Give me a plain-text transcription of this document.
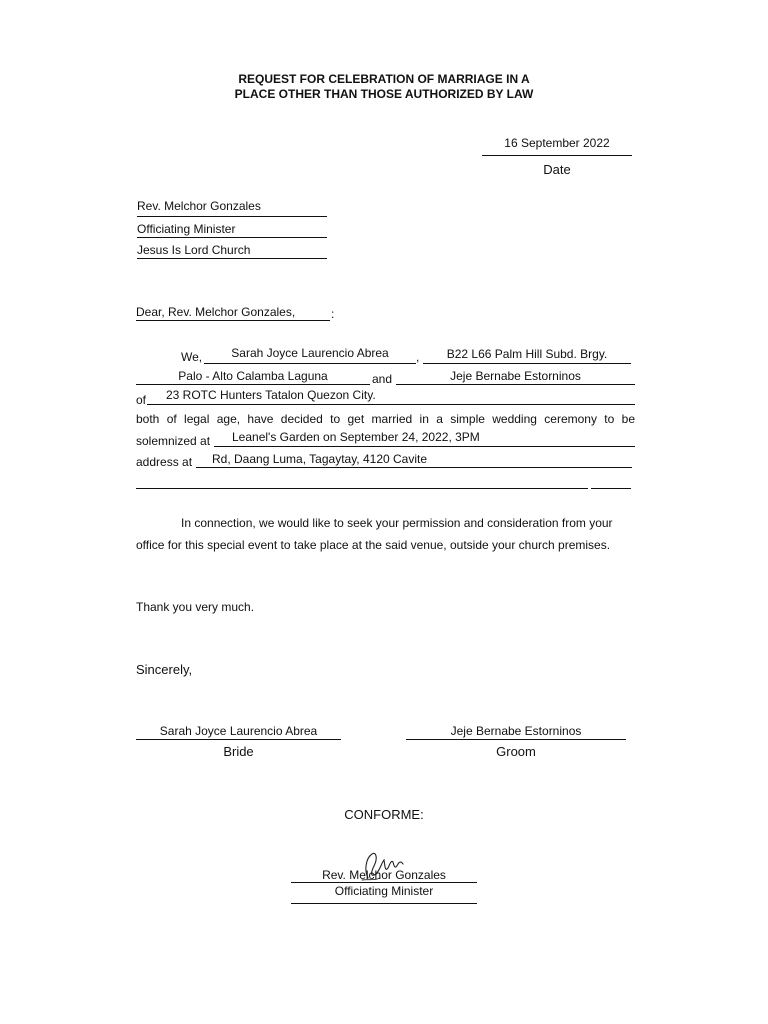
REQUEST FOR CELEBRATION OF MARRIAGE IN A
PLACE OTHER THAN THOSE AUTHORIZED BY LAW
16 September 2022
Date
Rev. Melchor Gonzales
Officiating Minister
Jesus Is Lord Church
Dear, Rev. Melchor Gonzales,	:
We,	Sarah Joyce Laurencio Abrea	,	B22 L66 Palm Hill Subd. Brgy.
Palo - Alto Calamba Laguna	and	Jeje Bernabe Estorninos
of 23 ROTC Hunters Tatalon Quezon City.
both of legal age, have decided to get married in a simple wedding ceremony to be
solemnized at Leanel's Garden on September 24, 2022, 3PM
address at Rd, Daang Luma, Tagaytay, 4120 Cavite
In connection, we would like to seek your permission and consideration from your
office for this special event to take place at the said venue, outside your church premises.
Thank you very much.
Sincerely,
Sarah Joyce Laurencio Abrea
Bride
Jeje Bernabe Estorninos
Groom
CONFORME:
Rev. Melchor Gonzales
Officiating Minister
